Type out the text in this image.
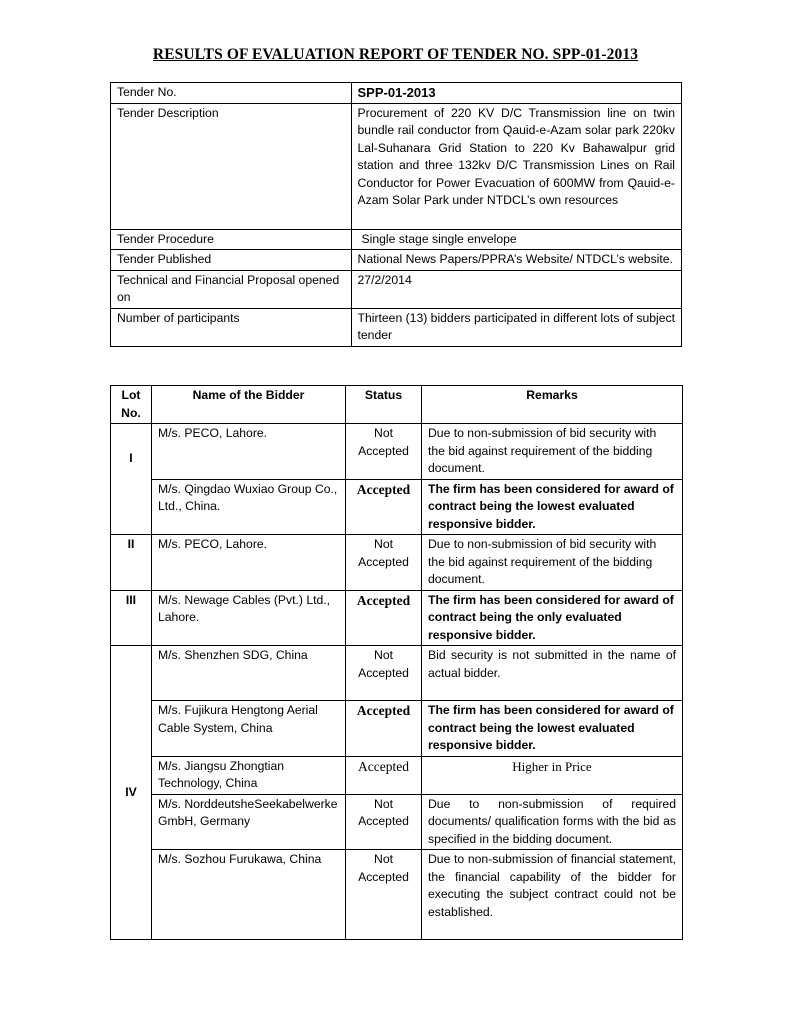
RESULTS OF EVALUATION REPORT OF TENDER NO. SPP-01-2013
Tender No.	SPP-01-2013
Tender Description	Procurement of 220 KV D/C Transmission line on twin bundle rail conductor from Qauid-e-Azam solar park 220kv Lal-Suhanara Grid Station to 220 Kv Bahawalpur grid station and three 132kv D/C Transmission Lines on Rail Conductor for Power Evacuation of 600MW from Qauid-e-Azam Solar Park under NTDCL’s own resources
Tender Procedure	Single stage single envelope
Tender Published	National News Papers/PPRA’s Website/ NTDCL’s website.
Technical and Financial Proposal opened on	27/2/2014
Number of participants	Thirteen (13) bidders participated in different lots of subject tender
Lot No.	Name of the Bidder	Status	Remarks

I	M/s. PECO, Lahore.	Not Accepted	Due to non-submission of bid security with the bid against requirement of the bidding document.
	M/s. Qingdao Wuxiao Group Co., Ltd., China.	Accepted	The firm has been considered for award of contract being the lowest evaluated responsive bidder.
II	M/s. PECO, Lahore.	Not Accepted	Due to non-submission of bid security with the bid against requirement of the bidding document.
III	M/s. Newage Cables (Pvt.) Ltd., Lahore.	Accepted	The firm has been considered for award of contract being the only evaluated responsive bidder.
IV	M/s. Shenzhen SDG, China	Not Accepted	Bid security is not submitted in the name of actual bidder.
	M/s. Fujikura Hengtong Aerial Cable System, China	Accepted	The firm has been considered for award of contract being the lowest evaluated responsive bidder.
	M/s. Jiangsu Zhongtian Technology, China	Accepted	Higher in Price
	M/s. NorddeutsheSeekabelwerke GmbH, Germany	Not Accepted	Due to non-submission of required documents/ qualification forms with the bid as specified in the bidding document.
	M/s. Sozhou Furukawa, China	Not Accepted	Due to non-submission of financial statement, the financial capability of the bidder for executing the subject contract could not be established.
